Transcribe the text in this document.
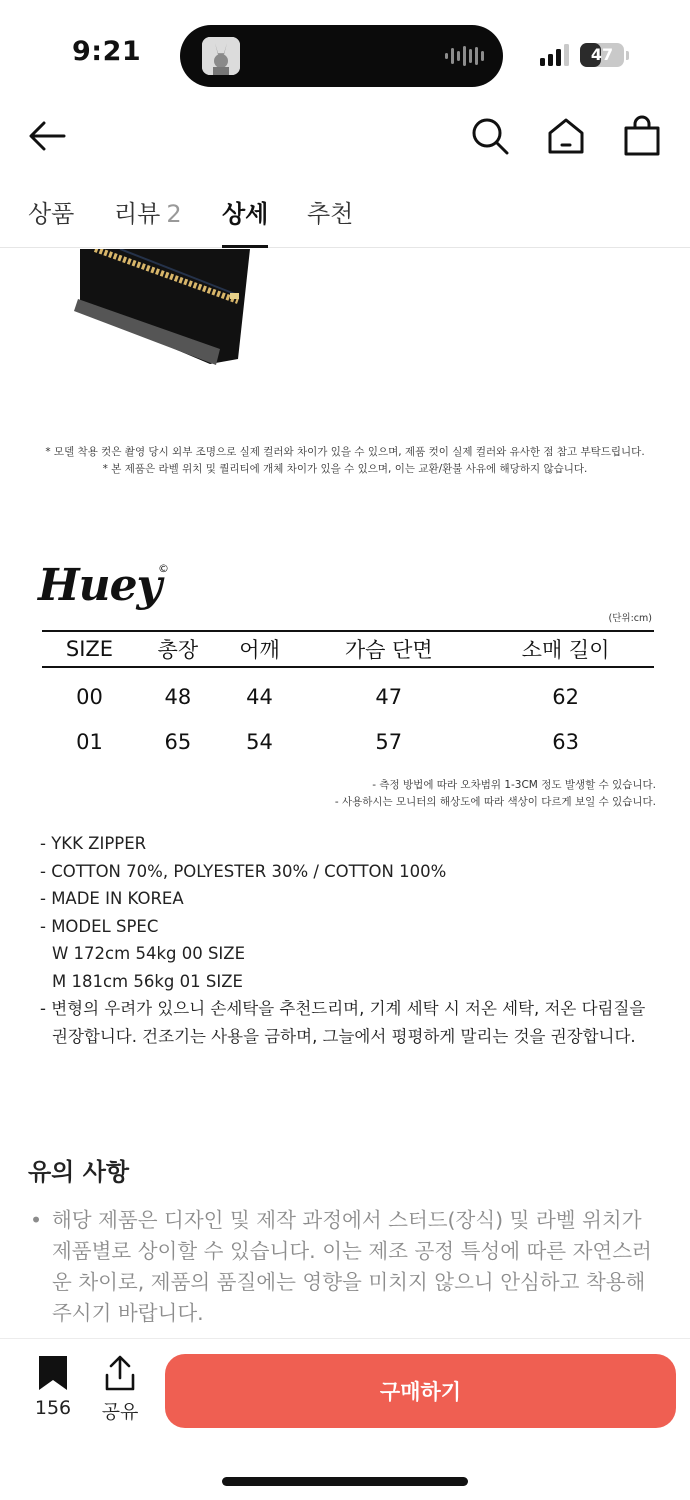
9:21	47
상품 리뷰 2 상세 추천
* 모델 착용 컷은 촬영 당시 외부 조명으로 실제 컬러와 차이가 있을 수 있으며, 제품 컷이 실제 컬러와 유사한 점 참고 부탁드립니다.
* 본 제품은 라벨 위치 및 퀄리티에 개체 차이가 있을 수 있으며, 이는 교환/환불 사유에 해당하지 않습니다.
Huey
©
(단위:cm)
SIZE	총장	어깨	가슴 단면	소매 길이
00	48	44	47	62
01	65	54	57	63
- 측정 방법에 따라 오차범위 1-3CM 정도 발생할 수 있습니다.
- 사용하시는 모니터의 해상도에 따라 색상이 다르게 보일 수 있습니다.
- YKK ZIPPER
- COTTON 70%, POLYESTER 30% / COTTON 100%
- MADE IN KOREA
- MODEL SPEC
W 172cm 54kg 00 SIZE
M 181cm 56kg 01 SIZE
- 변형의 우려가 있으니 손세탁을 추천드리며, 기계 세탁 시 저온 세탁, 저온 다림질을
권장합니다. 건조기는 사용을 금하며, 그늘에서 평평하게 말리는 것을 권장합니다.
유의 사항
• 해당 제품은 디자인 및 제작 과정에서 스터드(장식) 및 라벨 위치가 제품별로 상이할 수 있습니다. 이는 제조 공정 특성에 따른 자연스러운 차이로, 제품의 품질에는 영향을 미치지 않으니 안심하고 착용해 주시기 바랍니다.
156 공유
구매하기
